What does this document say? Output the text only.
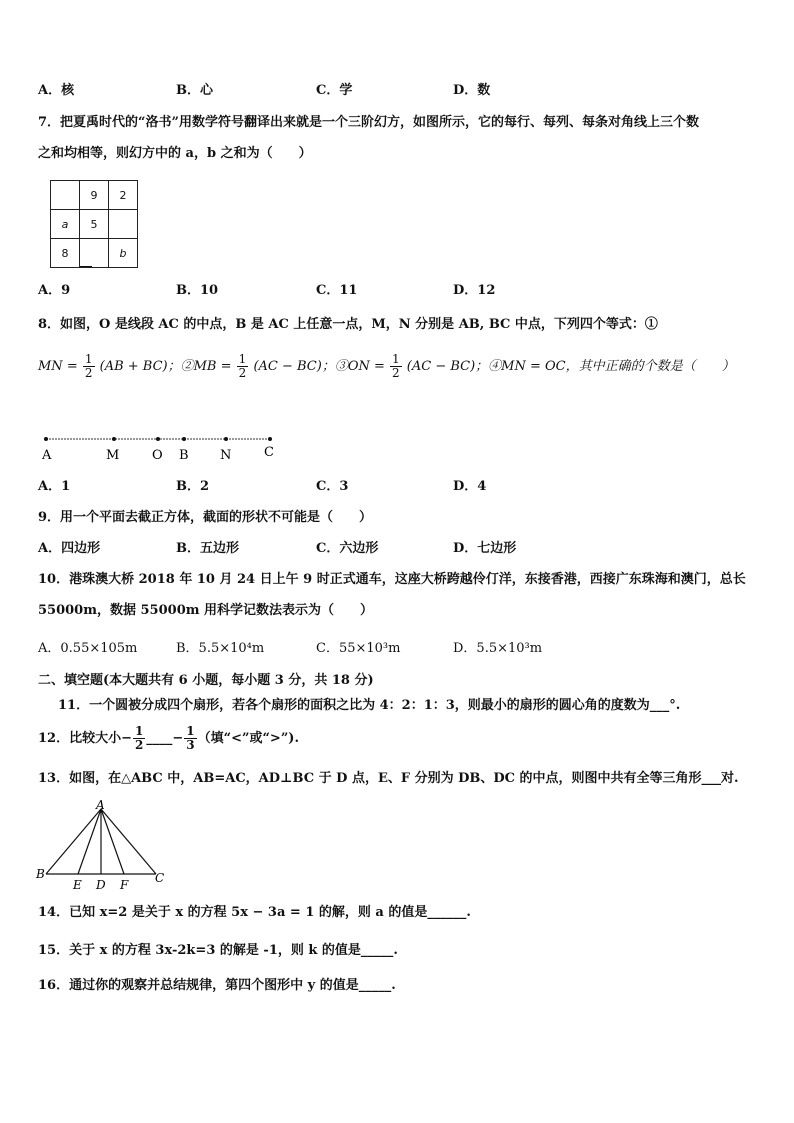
A．核	B．心	C．学	D．数
7．把夏禹时代的“洛书”用数学符号翻译出来就是一个三阶幻方，如图所示，它的每行、每列、每条对角线上三个数
之和均相等，则幻方中的 a，b 之和为（　　）
	9	2
a	5	
8		b
A．9	B．10	C．11	D．12
8．如图，O 是线段 AC 的中点，B 是 AC 上任意一点，M，N 分别是 AB, BC 中点，下列四个等式：①
MN = $\frac{1}{2} (AB + BC)$；②MB = $\frac{1}{2} (AC - BC)$；③ON = $\frac{1}{2} (AC - BC)$；④MN = OC，其中正确的个数是（　　）
A	M	O B N	C
A．1	B．2	C．3	D．4
9．用一个平面去截正方体，截面的形状不可能是（　　）
A．四边形	B．五边形	C．六边形	D．七边形
10．港珠澳大桥 2018 年 10 月 24 日上午 9 时正式通车，这座大桥跨越伶仃洋，东接香港，西接广东珠海和澳门，总长
55000m，数据 55000m 用科学记数法表示为（　　）
A．0.55×105m	B．5.5×10⁴m	C．55×10³m	D．5.5×10³m
二、填空题(本大题共有 6 小题，每小题 3 分，共 18 分)
11．一个圆被分成四个扇形，若各个扇形的面积之比为 4：2：1：3，则最小的扇形的圆心角的度数为___°.
12．比较大小− $\frac{1}{2}$ ____− $\frac{1}{3}$ （填“<”或“>”).
13．如图，在△ABC 中，AB=AC，AD⊥BC 于 D 点，E、F 分别为 DB、DC 的中点，则图中共有全等三角形___对.
A
B
E D F C
14．已知 x=2 是关于 x 的方程 5x − 3a = 1 的解，则 a 的值是______.
15．关于 x 的方程 3x-2k=3 的解是 -1，则 k 的值是_____.
16．通过你的观察并总结规律，第四个图形中 y 的值是_____.
